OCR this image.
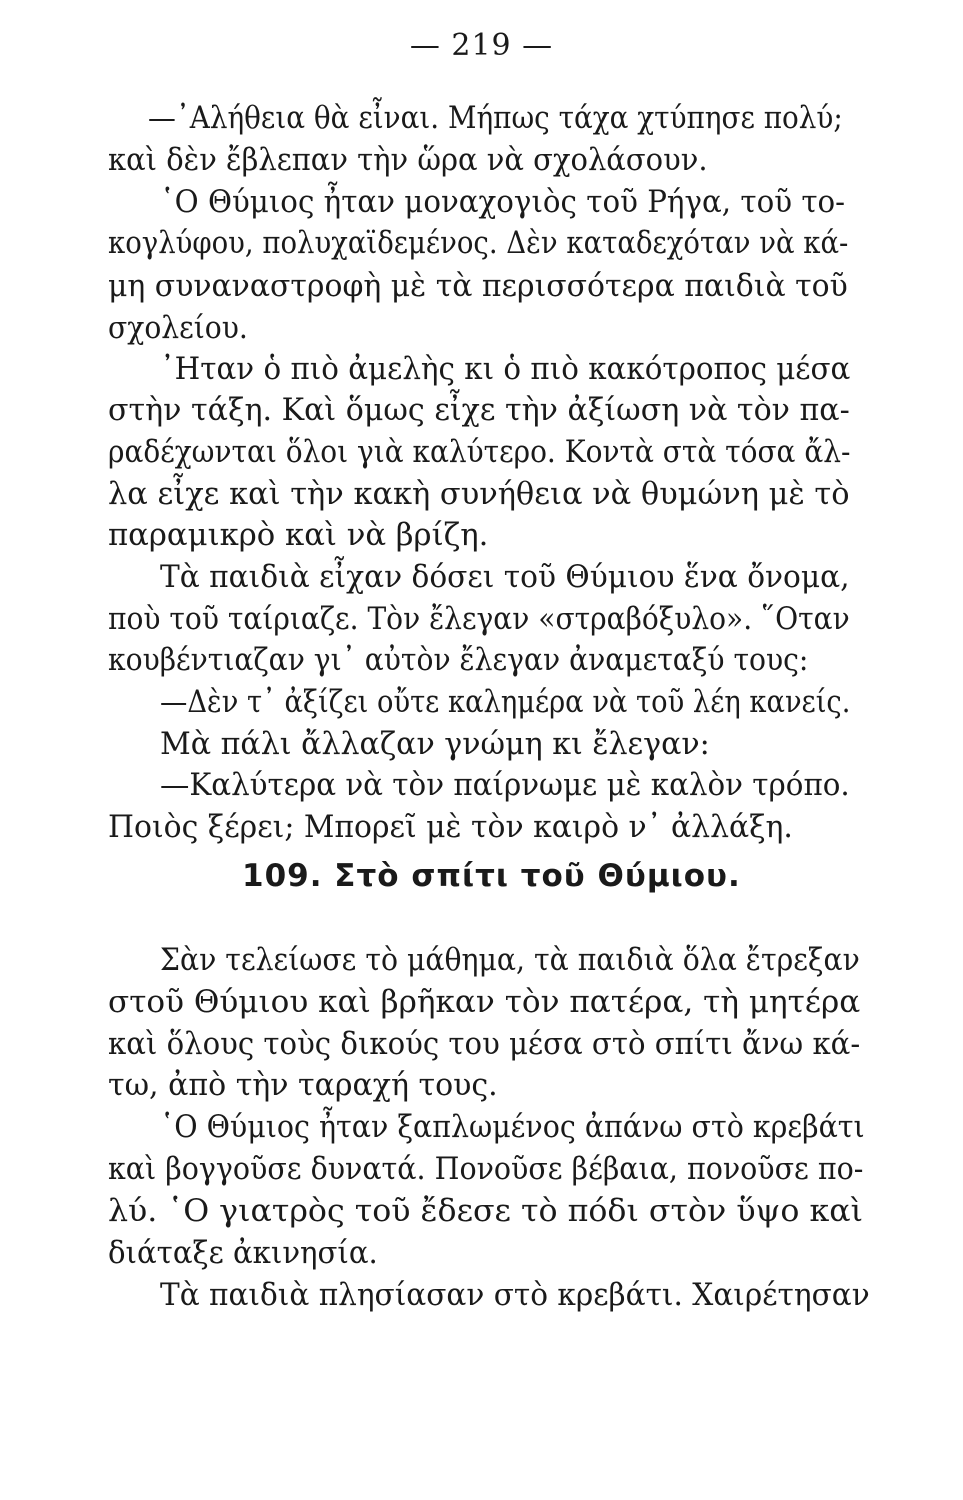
— 219 —
—᾿Αλήθεια θὰ εἶναι. Μήπως τάχα χτύπησε πολύ;
καὶ δὲν ἔβλεπαν τὴν ὥρα νὰ σχολάσουν.
῾Ο Θύμιος ἦταν μοναχογιὸς τοῦ Ρήγα, τοῦ το-
κογλύφου, πολυχαϊδεμένος. Δὲν καταδεχόταν νὰ κά-
μη συναναστροφὴ μὲ τὰ περισσότερα παιδιὰ τοῦ
σχολείου.
᾿Ηταν ὁ πιὸ ἀμελὴς κι ὁ πιὸ κακότροπος μέσα
στὴν τάξη. Καὶ ὅμως εἶχε τὴν ἀξίωση νὰ τὸν πα-
ραδέχωνται ὅλοι γιὰ καλύτερο. Κοντὰ στὰ τόσα ἄλ-
λα εἶχε καὶ τὴν κακὴ συνήθεια νὰ θυμώνη μὲ τὸ
παραμικρὸ καὶ νὰ βρίζη.
Τὰ παιδιὰ εἶχαν δόσει τοῦ Θύμιου ἕνα ὄνομα,
ποὺ τοῦ ταίριαζε. Τὸν ἔλεγαν «στραβόξυλο». ῞Οταν
κουβέντιαζαν γι᾿ αὐτὸν ἔλεγαν ἀναμεταξύ τους:
—Δὲν τ᾿ ἀξίζει οὔτε καλημέρα νὰ τοῦ λέη κανείς.
Μὰ πάλι ἄλλαζαν γνώμη κι ἔλεγαν:
—Καλύτερα νὰ τὸν παίρνωμε μὲ καλὸν τρόπο.
Ποιὸς ξέρει; Μπορεῖ μὲ τὸν καιρὸ ν᾿ ἀλλάξη.
109. Στὸ σπίτι τοῦ Θύμιου.
Σὰν τελείωσε τὸ μάθημα, τὰ παιδιὰ ὅλα ἔτρεξαν
στοῦ Θύμιου καὶ βρῆκαν τὸν πατέρα, τὴ μητέρα
καὶ ὅλους τοὺς δικούς του μέσα στὸ σπίτι ἄνω κά-
τω, ἀπὸ τὴν ταραχή τους.
῾Ο Θύμιος ἦταν ξαπλωμένος ἀπάνω στὸ κρεβάτι
καὶ βογγοῦσε δυνατά. Πονοῦσε βέβαια, πονοῦσε πο-
λύ. ῾Ο γιατρὸς τοῦ ἔδεσε τὸ πόδι στὸν ὕψο καὶ
διάταξε ἀκινησία.
Τὰ παιδιὰ πλησίασαν στὸ κρεβάτι. Χαιρέτησαν
